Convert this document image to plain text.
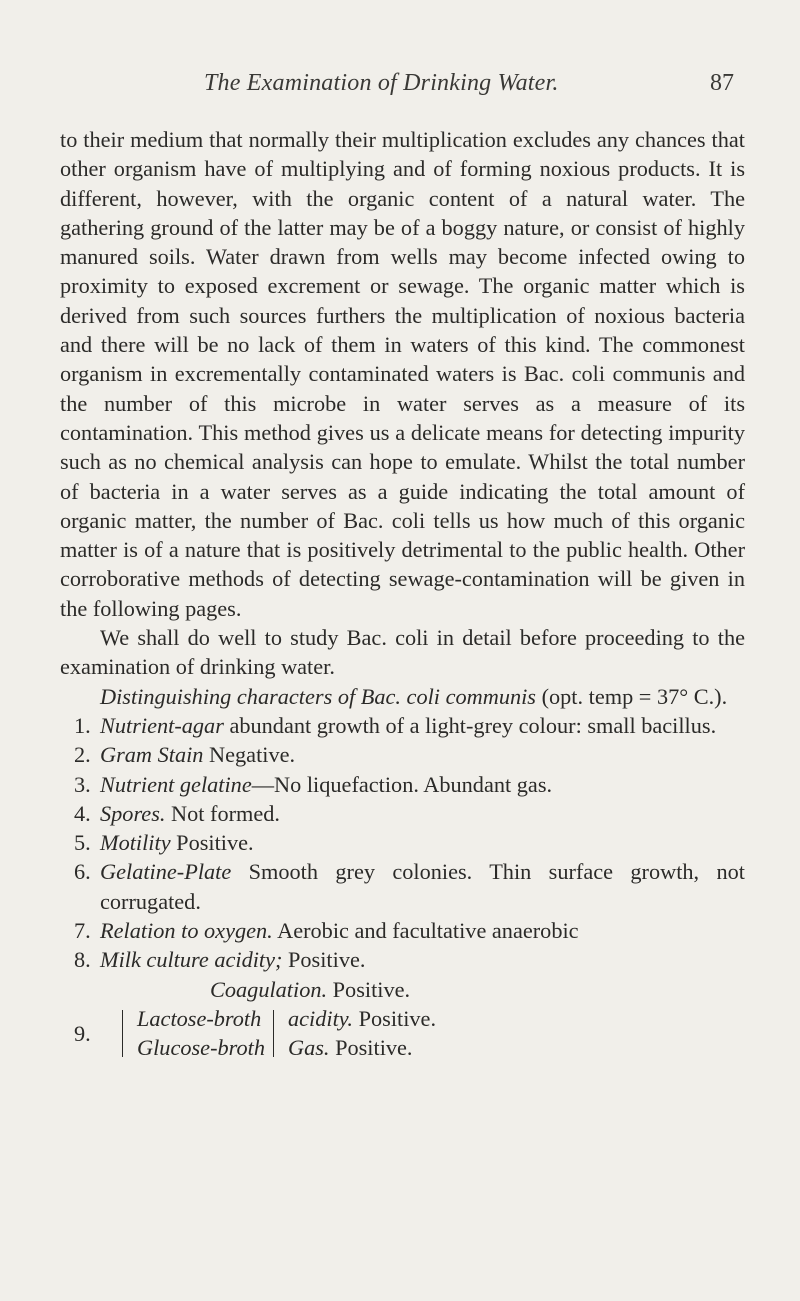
The Examination of Drinking Water.	87

to their medium that normally their multiplication excludes any chances that other organism have of multiplying and of forming noxious products. It is different, however, with the organic content of a natural water. The gathering ground of the latter may be of a boggy nature, or consist of highly manured soils. Water drawn from wells may become infected owing to proximity to exposed excrement or sewage. The organic matter which is derived from such sources furthers the multiplication of noxious bacteria and there will be no lack of them in waters of this kind. The commonest organism in excrementally contaminated waters is Bac. coli communis and the number of this microbe in water serves as a measure of its contamination. This method gives us a delicate means for detecting impurity such as no chemical analysis can hope to emulate. Whilst the total number of bacteria in a water serves as a guide indicating the total amount of organic matter, the number of Bac. coli tells us how much of this organic matter is of a nature that is positively detrimental to the public health. Other corroborative methods of detecting sewage-contamination will be given in the following pages.

We shall do well to study Bac. coli in detail before proceeding to the examination of drinking water.

Distinguishing characters of Bac. coli communis (opt. temp = 37° C.).

1. Nutrient-agar abundant growth of a light-grey colour: small bacillus.
2. Gram Stain Negative.
3. Nutrient gelatine—No liquefaction. Abundant gas.
4. Spores. Not formed.
5. Motility Positive.
6. Gelatine-Plate Smooth grey colonies. Thin surface growth, not corrugated.
7. Relation to oxygen. Aerobic and facultative anaerobic
8. Milk culture acidity; Positive.
Coagulation. Positive.
9.
Lactose-broth
Glucose-broth
acidity. Positive.
Gas. Positive.
